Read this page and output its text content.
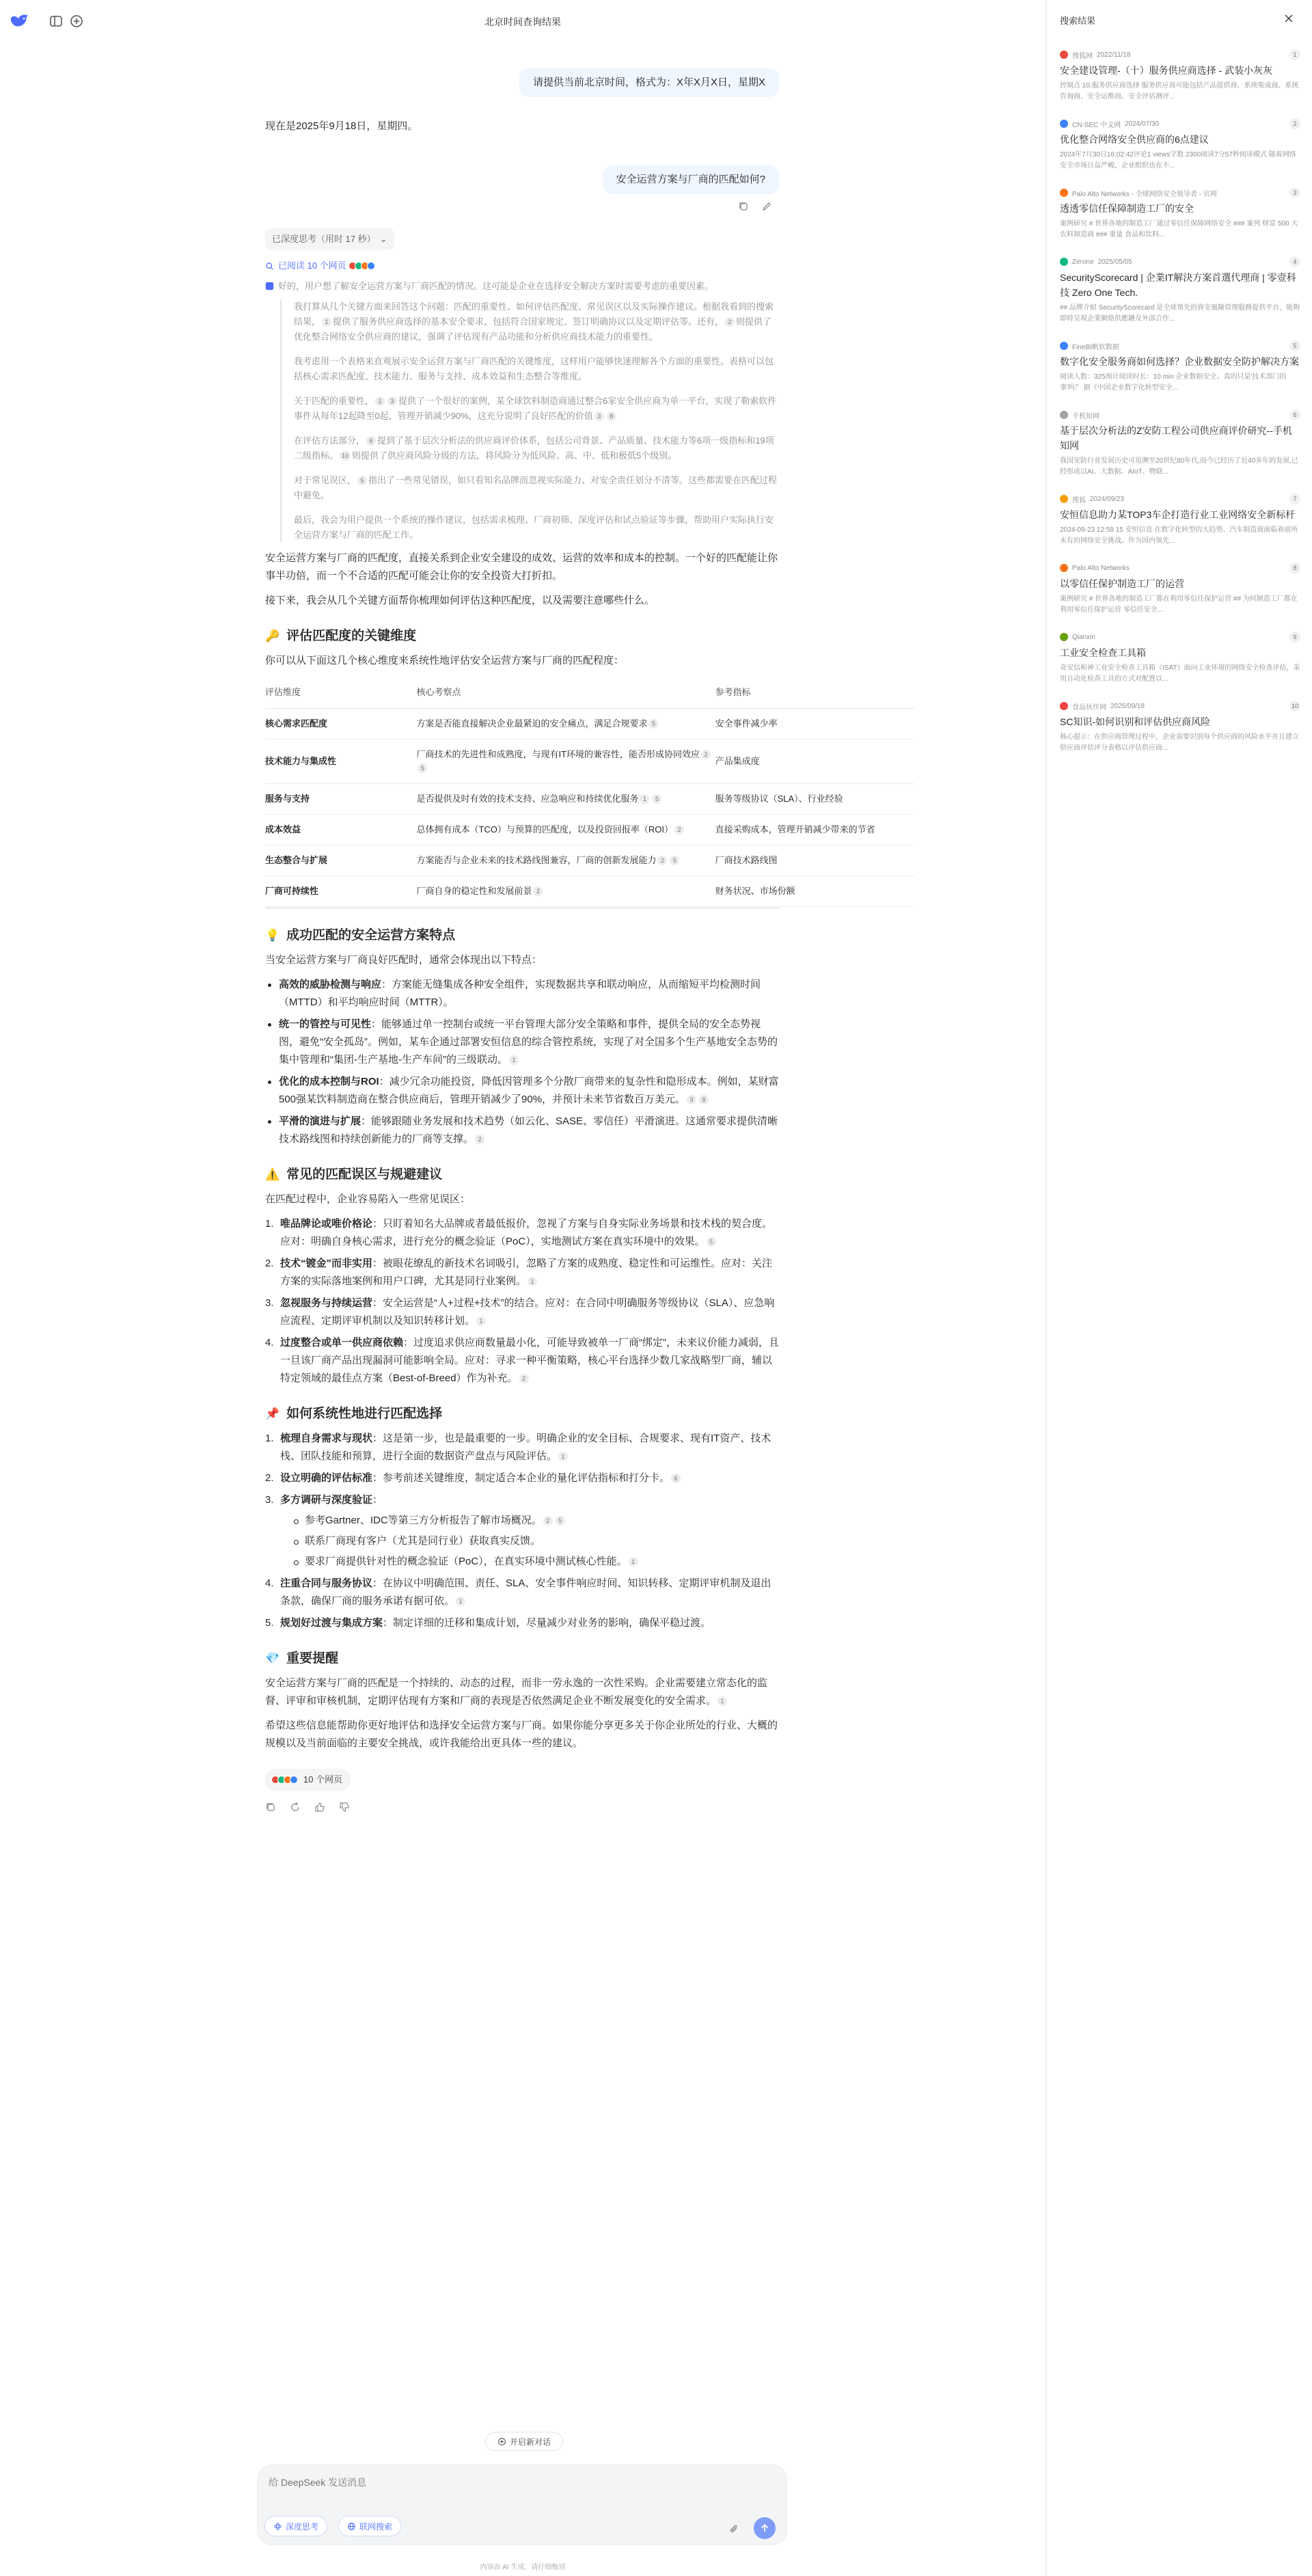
北京时间查询结果
请提供当前北京时间，格式为：X年X月X日，星期X
现在是2025年9月18日，星期四。
安全运营方案与厂商的匹配如何?
已深度思考（用时 17 秒） ⌄
已阅读 10 个网页
好的，用户想了解安全运营方案与厂商匹配的情况。这可能是企业在选择安全解决方案时需要考虑的重要因素。

我打算从几个关键方面来回答这个问题：匹配的重要性、如何评估匹配度、常见误区以及实际操作建议。根据我看到的搜索结果， 1 提供了服务供应商选择的基本安全要求，包括符合国家规定、签订明确协议以及定期评估等。还有， 2 则提供了优化整合网络安全供应商的建议，强调了评估现有产品功能和分析供应商技术能力的重要性。

我考虑用一个表格来直观展示安全运营方案与厂商匹配的关键维度，这样用户能够快速理解各个方面的重要性。表格可以包括核心需求匹配度、技术能力、服务与支持、成本效益和生态整合等维度。

关于匹配的重要性， 1 3 提供了一个很好的案例，某全球饮料制造商通过整合6家安全供应商为单一平台，实现了勒索软件事件从每年12起降至0起，管理开销减少90%，这充分说明了良好匹配的价值 3 8

在评估方法部分， 6 提到了基于层次分析法的供应商评价体系，包括公司背景、产品质量、技术能力等6项一级指标和19项二级指标。 10 则提供了供应商风险分级的方法，将风险分为低风险、高、中、低和极低5个级别。

对于常见误区， 5 指出了一些常见错误，如只看知名品牌而忽视实际能力、对安全责任划分不清等。这些都需要在匹配过程中避免。

最后，我会为用户提供一个系统的操作建议，包括需求梳理、厂商初筛、深度评估和试点验证等步骤，帮助用户实际执行安全运营方案与厂商的匹配工作。

安全运营方案与厂商的匹配度，直接关系到企业安全建设的成效、运营的效率和成本的控制。一个好的匹配能让你事半功倍，而一个不合适的匹配可能会让你的安全投资大打折扣。

接下来，我会从几个关键方面帮你梳理如何评估这种匹配度，以及需要注意哪些什么。

🔑 评估匹配度的关键维度

你可以从下面这几个核心维度来系统性地评估安全运营方案与厂商的匹配程度：

评估维度	核心考察点	参考指标
核心需求匹配度	方案是否能直接解决企业最紧迫的安全痛点，满足合规要求 5	安全事件减少率
技术能力与集成性	厂商技术的先进性和成熟度，与现有IT环境的兼容性，能否形成协同效应 25	产品集成度
服务与支持	是否提供及时有效的技术支持、应急响应和持续优化服务 1 5	服务等级协议（SLA）、行业经验
成本效益	总体拥有成本（TCO）与预算的匹配度，以及投资回报率（ROI） 2	直接采购成本，管理开销减少带来的节省
生态整合与扩展	方案能否与企业未来的技术路线图兼容，厂商的创新发展能力 2 5	厂商技术路线图
厂商可持续性	厂商自身的稳定性和发展前景 2	财务状况、市场份额
💡 成功匹配的安全运营方案特点

当安全运营方案与厂商良好匹配时，通常会体现出以下特点：

高效的威胁检测与响应：方案能无缝集成各种安全组件，实现数据共享和联动响应，从而缩短平均检测时间（MTTD）和平均响应时间（MTTR）。
统一的管控与可见性：能够通过单一控制台或统一平台管理大部分安全策略和事件，提供全局的安全态势视图，避免“安全孤岛”。例如，某车企通过部署安恒信息的综合管控系统，实现了对全国多个生产基地安全态势的集中管理和“集团-生产基地-生产车间”的三级联动。 1
优化的成本控制与ROI：减少冗余功能投资，降低因管理多个分散厂商带来的复杂性和隐形成本。例如，某财富500强某饮料制造商在整合供应商后，管理开销减少了90%，并预计未来节省数百万美元。 3 8
平滑的演进与扩展：能够跟随业务发展和技术趋势（如云化、SASE、零信任）平滑演进。这通常要求提供清晰技术路线图和持续创新能力的厂商等支撑。 2
⚠️ 常见的匹配误区与规避建议

在匹配过程中，企业容易陷入一些常见误区：

1. 唯品牌论或唯价格论：只盯着知名大品牌或者最低报价，忽视了方案与自身实际业务场景和技术栈的契合度。应对：明确自身核心需求，进行充分的概念验证（PoC），实地测试方案在真实环境中的效果。 5
2. 技术“镀金”而非实用：被眼花缭乱的新技术名词吸引，忽略了方案的成熟度、稳定性和可运维性。应对：关注方案的实际落地案例和用户口碑，尤其是同行业案例。 1
3. 忽视服务与持续运营：安全运营是“人+过程+技术”的结合。应对：在合同中明确服务等级协议（SLA）、应急响应流程、定期评审机制以及知识转移计划。 1
4. 过度整合或单一供应商依赖：过度追求供应商数量最小化，可能导致被单一厂商“绑定”，未来议价能力减弱，且一旦该厂商产品出现漏洞可能影响全局。应对：寻求一种平衡策略，核心平台选择少数几家战略型厂商，辅以特定领域的最佳点方案（Best-of-Breed）作为补充。 2
📌 如何系统性地进行匹配选择
1. 梳理自身需求与现状：这是第一步，也是最重要的一步。明确企业的安全目标、合规要求、现有IT资产、技术栈、团队技能和预算，进行全面的数据资产盘点与风险评估。 1
2. 设立明确的评估标准：参考前述关键维度，制定适合本企业的量化评估指标和打分卡。 6
3. 多方调研与深度验证：
参考Gartner、IDC等第三方分析报告了解市场概况。 2 5
联系厂商现有客户（尤其是同行业）获取真实反馈。
要求厂商提供针对性的概念验证（PoC），在真实环境中测试核心性能。 1
4. 注重合同与服务协议：在协议中明确范围、责任、SLA、安全事件响应时间、知识转移、定期评审机制及退出条款，确保厂商的服务承诺有据可依。 1
5. 规划好过渡与集成方案：制定详细的迁移和集成计划，尽量减少对业务的影响，确保平稳过渡。
💎 重要提醒

安全运营方案与厂商的匹配是一个持续的、动态的过程，而非一劳永逸的一次性采购。企业需要建立常态化的监督、评审和审核机制，定期评估现有方案和厂商的表现是否依然满足企业不断发展变化的安全需求。 1

希望这些信息能帮助你更好地评估和选择安全运营方案与厂商。如果你能分享更多关于你企业所处的行业、大概的规模以及当前面临的主要安全挑战，或许我能给出更具体一些的建议。

10 个网页
开启新对话
给 DeepSeek 发送消息
深度思考	联网搜索
内容由 AI 生成，请仔细甄别
搜索结果
搜狐网 2022/11/18	1
安全建设管理-（十）服务供应商选择 - 武装小灰灰
控制点 10.服务供应商选择 服务供应商可能包括产品提供商、系统集成商、系统咨询商、安全运维商、安全评估测评...
CN-SEC 中文网 2024/07/30	2
优化整合网络安全供应商的6点建议
2024年7月30日16:02:42评论1 views字数 2300阅读7分57秒阅读模式 随着网络安全市场日益严峻，企业组织也在不...
Palo Alto Networks - 全球网络安全领导者 - 官网	3
透透零信任保障制造工厂的安全
案例研究 # 世界各地的制造工厂通过零信任保障网络安全 ### 案列 财富 500 大农料制造商 ### 重量 食品和饮料...
Zerone 2025/05/05	4
SecurityScorecard | 企業IT解決方案首選代理商 | 零壹科技 Zero One Tech.
## 品牌介紹 SecurityScorecard 是全球領先的資安風險管理服務提供平台，能夠即時呈現企業網絡供應鏈及外部合作...
FineBI帆软数据	5
数字化安全服务商如何选择？企业数据安全防护解决方案
阅读人数：325预计阅读时长：10 min 企业数据安全、真的只是'技术部门的事'吗？ 据《中国企业数字化转型安全...
手机知网	6
基于层次分析法的Z安防工程公司供应商评价研究--手机知网
我国安防行业发展历史可追溯至20世纪80年代,而今已经历了近40多年的发展,已经形成以AI、大数据、AIoT、物联...
搜狐 2024/09/23	7
安恒信息助力某TOP3车企打造行业工业网络安全新标杆
2024-09-23 12:58 15 安恒信息 在数字化转型的大趋势、汽车制造商面临着前所未有的网络安全挑战。作为国内领先...
Palo Alto Networks	8
以零信任保护制造工厂的运营
案例研究 # 世界各地的制造工厂都在利用零信任保护运营 ## 为何制造工厂都在利用零信任保护运营 零信任安全...
Qianxin	9
工业安全检查工具箱
奇安信和神工业安全检查工具箱（ISAT）面向工业环境的网络安全检查评估，采用自动化检查工具的方式对配置以...
食品伙伴网 2025/09/18	10
SC知识-如何识别和评估供应商风险
核心提示：在供应商管理过程中，企业需要识别每个供应商的风险水平并且建立供应商评估评分表格以评估供应商...
